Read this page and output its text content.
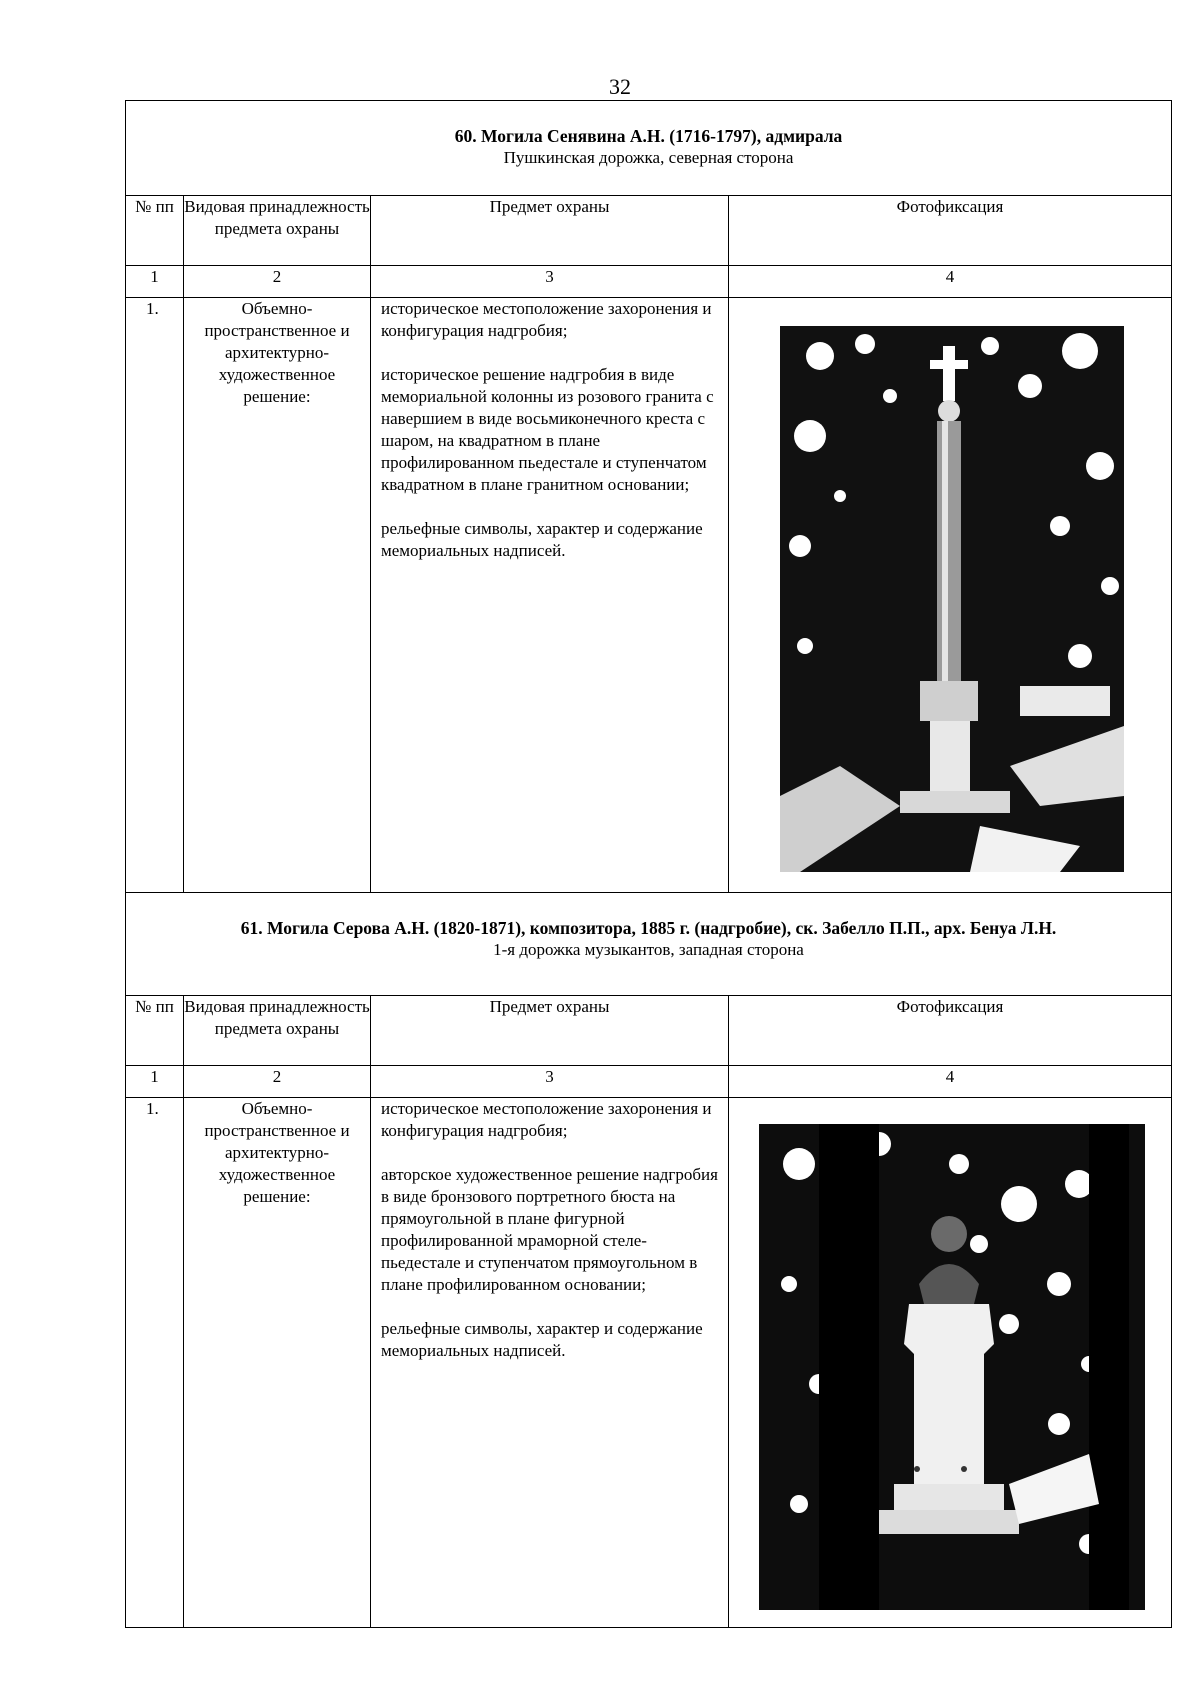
32
60. Могила Сенявина А.Н. (1716-1797), адмирала
Пушкинская дорожка, северная сторона			

№ пп	Видовая принадлежность предмета охраны	Предмет охраны	Фотофиксация
1	2	3	4
1.	Объемно-пространственное и архитектурно-художественное решение:	историческое местоположение захоронения и конфигурация надгробия;

историческое решение надгробия в виде мемориальной колонны из розового гранита с навершием в виде восьмиконечного креста с шаром, на квадратном в плане профилированном пьедестале и ступенчатом квадратном в плане гранитном основании;

рельефные символы, характер и содержание мемориальных надписей.

61. Могила Серова А.Н. (1820-1871), композитора, 1885 г. (надгробие), ск. Забелло П.П., арх. Бенуа Л.Н.
1-я дорожка музыкантов, западная сторона			

№ пп	Видовая принадлежность предмета охраны	Предмет охраны	Фотофиксация
1	2	3	4
1.	Объемно-пространственное и архитектурно-художественное решение:	историческое местоположение захоронения и конфигурация надгробия;

авторское художественное решение надгробия в виде бронзового портретного бюста на прямоугольной в плане фигурной профилированной мраморной стеле-пьедестале и ступенчатом прямоугольном в плане профилированном основании;

рельефные символы, характер и содержание мемориальных надписей.
